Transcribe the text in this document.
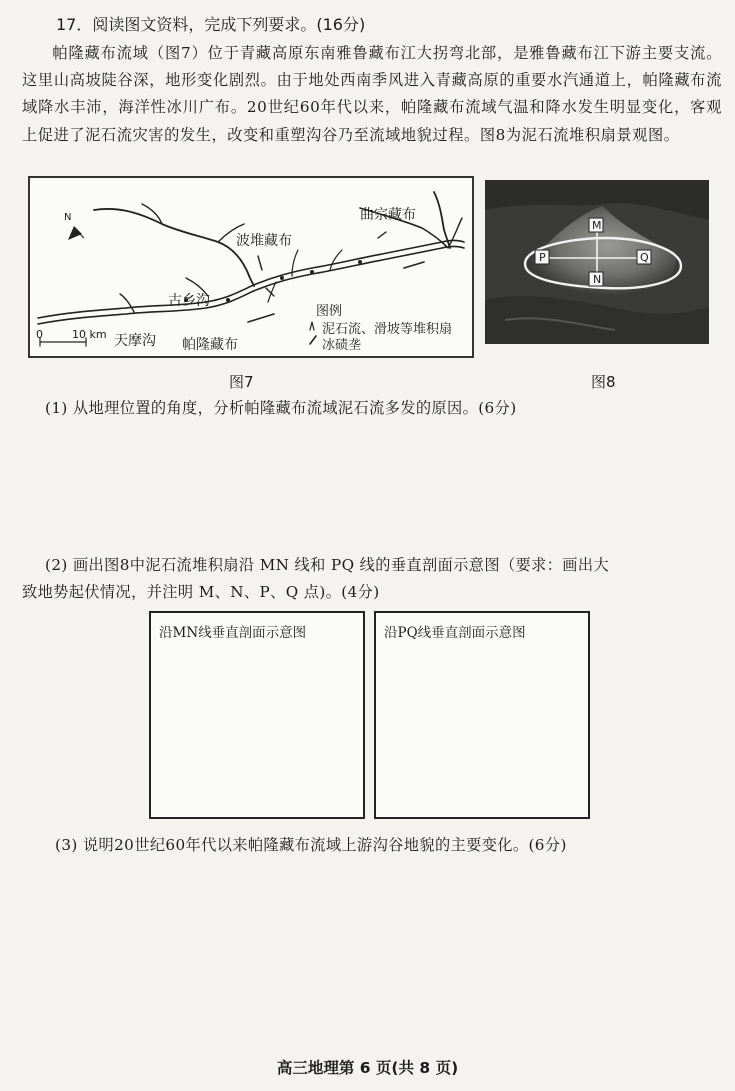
17．阅读图文资料，完成下列要求。(16分)

帕隆藏布流域（图7）位于青藏高原东南雅鲁藏布江大拐弯北部，是雅鲁藏布江下游主要支流。这里山高坡陡谷深，地形变化剧烈。由于地处西南季风进入青藏高原的重要水汽通道上，帕隆藏布流域降水丰沛，海洋性冰川广布。20世纪60年代以来，帕隆藏布流域气温和降水发生明显变化，客观上促进了泥石流灾害的发生，改变和重塑沟谷乃至流域地貌过程。图8为泥石流堆积扇景观图。

N	曲宗藏布
波堆藏布
古乡沟
天摩沟 帕隆藏布
0	10 km
图例
泥石流、滑坡等堆积扇
冰碛垄
M
N
P	Q
图7	图8
(1) 从地理位置的角度，分析帕隆藏布流域泥石流多发的原因。(6分)
(2) 画出图8中泥石流堆积扇沿 MN 线和 PQ 线的垂直剖面示意图（要求：画出大
致地势起伏情况，并注明 M、N、P、Q 点)。(4分)
沿MN线垂直剖面示意图	沿PQ线垂直剖面示意图
(3) 说明20世纪60年代以来帕隆藏布流域上游沟谷地貌的主要变化。(6分)
高三地理第 6 页(共 8 页)
